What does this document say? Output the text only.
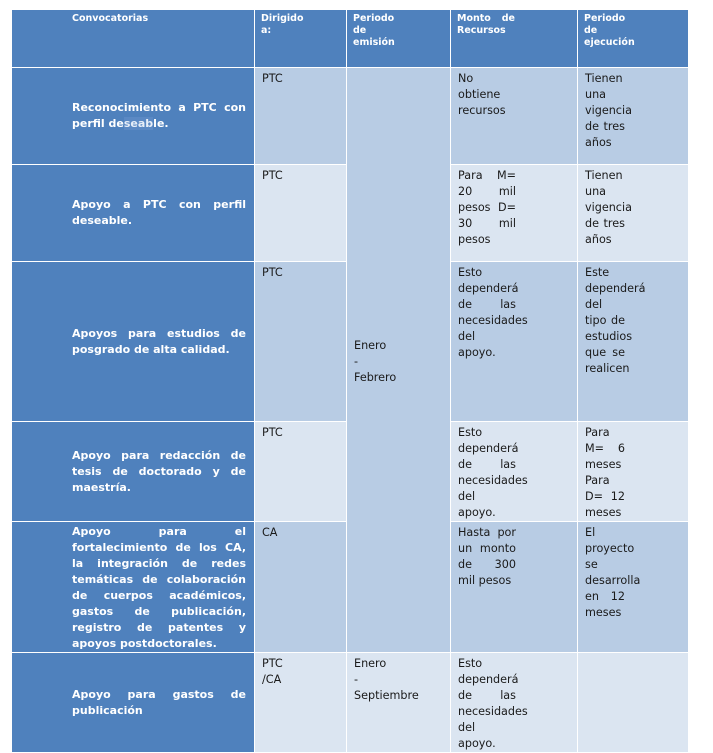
Convocatorias	Dirigido a:	Periodo de emisión	Monto de Recursos	Periodo de ejecución

Reconocimiento a PTC con perfil deseable.	PTC	Enero - Febrero	No obtiene recursos	Tienen una vigencia de tres años

Apoyo a PTC con perfil deseable.	PTC		Para M= 20 mil pesos D= 30 mil pesos	Tienen una vigencia de tres años

Apoyos para estudios de posgrado de alta calidad.	PTC		Esto dependerá de las necesidades del apoyo.	Este dependerá del tipo de estudios que se realicen

Apoyo para redacción de tesis de doctorado y de maestría.	PTC		Esto dependerá de las necesidades del apoyo.	Para M= 6 meses Para D= 12 meses

Apoyo para el fortalecimiento de los CA, la integración de redes temáticas de colaboración de cuerpos académicos, gastos de publicación, registro de patentes y apoyos postdoctorales.	CA		Hasta por un monto de 300 mil pesos	El proyecto se desarrolla en 12 meses

Apoyo para gastos de publicación	PTC /CA	Enero - Septiembre	Esto dependerá de las necesidades del apoyo.	
